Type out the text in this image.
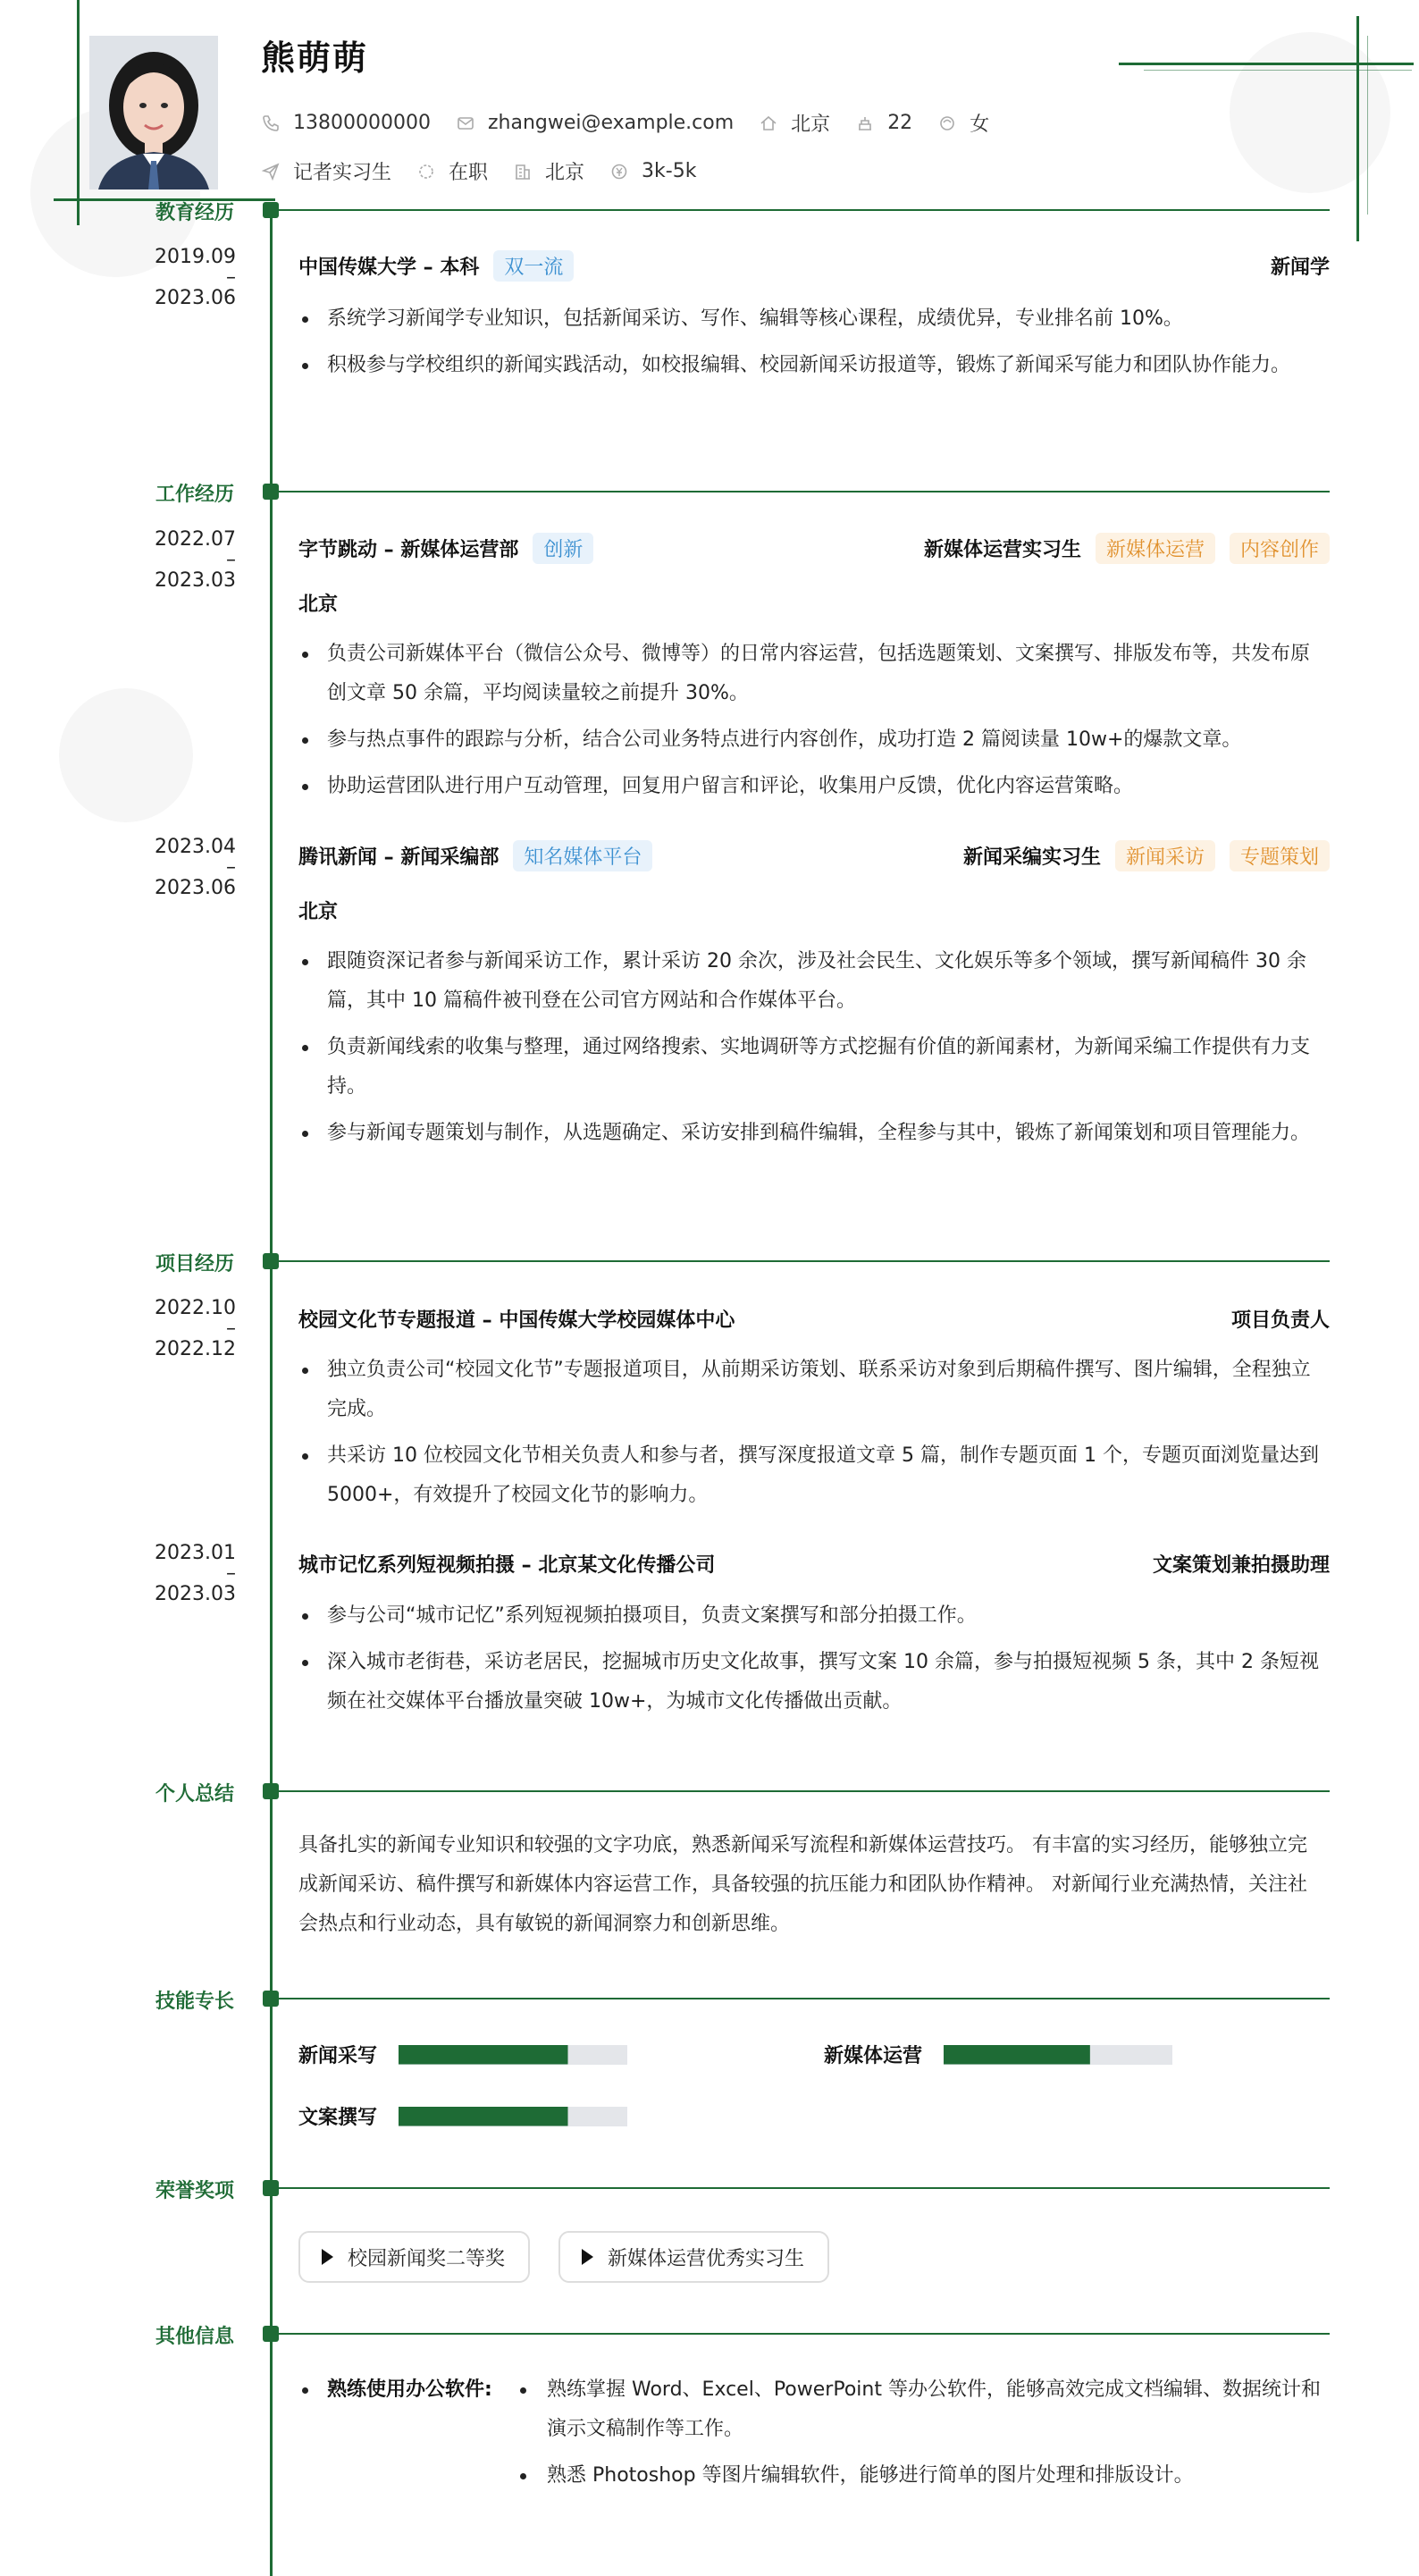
熊萌萌
13800000000	zhangwei@example.com	北京	22	女
记者实习生	在职	北京	3k-5k
教育经历
2019.09
–
2023.06
中国传媒大学 – 本科	双一流	新闻学
系统学习新闻学专业知识，包括新闻采访、写作、编辑等核心课程，成绩优异，专业排名前 10%。
积极参与学校组织的新闻实践活动，如校报编辑、校园新闻采访报道等，锻炼了新闻采写能力和团队协作能力。
工作经历
2022.07
–
2023.03
字节跳动 – 新媒体运营部	创新	新媒体运营实习生	新媒体运营	内容创作
北京
负责公司新媒体平台（微信公众号、微博等）的日常内容运营，包括选题策划、文案撰写、排版发布等，共发布原创文章 50 余篇，平均阅读量较之前提升 30%。
参与热点事件的跟踪与分析，结合公司业务特点进行内容创作，成功打造 2 篇阅读量 10w+的爆款文章。
协助运营团队进行用户互动管理，回复用户留言和评论，收集用户反馈，优化内容运营策略。
2023.04
–
2023.06
腾讯新闻 – 新闻采编部	知名媒体平台	新闻采编实习生	新闻采访	专题策划
北京
跟随资深记者参与新闻采访工作，累计采访 20 余次，涉及社会民生、文化娱乐等多个领域，撰写新闻稿件 30 余篇，其中 10 篇稿件被刊登在公司官方网站和合作媒体平台。
负责新闻线索的收集与整理，通过网络搜索、实地调研等方式挖掘有价值的新闻素材，为新闻采编工作提供有力支持。
参与新闻专题策划与制作，从选题确定、采访安排到稿件编辑，全程参与其中，锻炼了新闻策划和项目管理能力。
项目经历
2022.10
–
2022.12
校园文化节专题报道 – 中国传媒大学校园媒体中心	项目负责人
独立负责公司“校园文化节”专题报道项目，从前期采访策划、联系采访对象到后期稿件撰写、图片编辑，全程独立完成。
共采访 10 位校园文化节相关负责人和参与者，撰写深度报道文章 5 篇，制作专题页面 1 个，专题页面浏览量达到 5000+，有效提升了校园文化节的影响力。
2023.01
–
2023.03
城市记忆系列短视频拍摄 – 北京某文化传播公司	文案策划兼拍摄助理
参与公司“城市记忆”系列短视频拍摄项目，负责文案撰写和部分拍摄工作。
深入城市老街巷，采访老居民，挖掘城市历史文化故事，撰写文案 10 余篇，参与拍摄短视频 5 条，其中 2 条短视频在社交媒体平台播放量突破 10w+，为城市文化传播做出贡献。
个人总结

具备扎实的新闻专业知识和较强的文字功底，熟悉新闻采写流程和新媒体运营技巧。 有丰富的实习经历，能够独立完成新闻采访、稿件撰写和新媒体内容运营工作，具备较强的抗压能力和团队协作精神。 对新闻行业充满热情，关注社会热点和行业动态，具有敏锐的新闻洞察力和创新思维。

技能专长
新闻采写	新媒体运营
文案撰写
荣誉奖项
校园新闻奖二等奖	新媒体运营优秀实习生
其他信息
熟练使用办公软件:	熟练掌握 Word、Excel、PowerPoint 等办公软件，能够高效完成文档编辑、数据统计和演示文稿制作等工作。
熟悉 Photoshop 等图片编辑软件，能够进行简单的图片处理和排版设计。
